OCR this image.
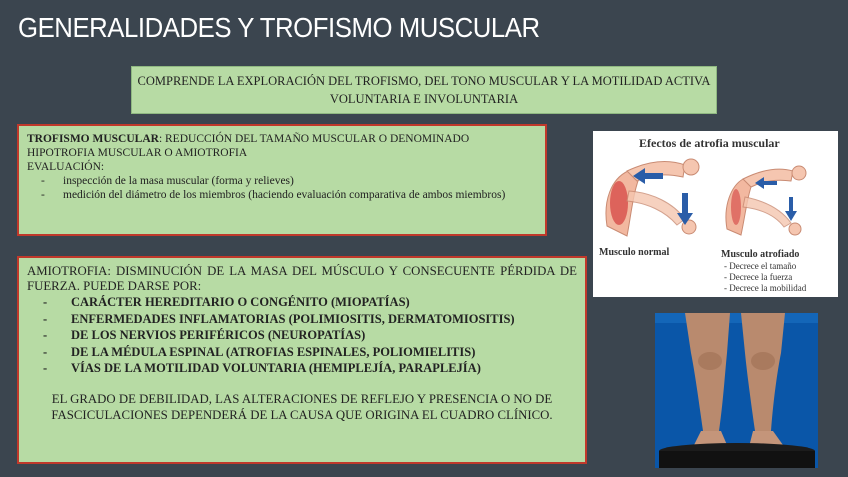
GENERALIDADES Y TROFISMO MUSCULAR
COMPRENDE LA EXPLORACIÓN DEL TROFISMO, DEL TONO MUSCULAR Y LA MOTILIDAD ACTIVA VOLUNTARIA E INVOLUNTARIA
TROFISMO MUSCULAR: REDUCCIÓN DEL TAMAÑO MUSCULAR O DENOMINADO HIPOTROFIA MUSCULAR O AMIOTROFIA
EVALUACIÓN:
- inspección de la masa muscular (forma y relieves)
- medición del diámetro de los miembros (haciendo evaluación comparativa de ambos miembros)
AMIOTROFIA: DISMINUCIÓN DE LA MASA DEL MÚSCULO Y CONSECUENTE PÉRDIDA DE FUERZA. PUEDE DARSE POR:
- CARÁCTER HEREDITARIO O CONGÉNITO (MIOPATÍAS)
- ENFERMEDADES INFLAMATORIAS (POLIMIOSITIS, DERMATOMIOSITIS)
- DE LOS NERVIOS PERIFÉRICOS (NEUROPATÍAS)
- DE LA MÉDULA ESPINAL (ATROFIAS ESPINALES, POLIOMIELITIS)
- VÍAS DE LA MOTILIDAD VOLUNTARIA (HEMIPLEJÍA, PARAPLEJÍA)
EL GRADO DE DEBILIDAD, LAS ALTERACIONES DE REFLEJO Y PRESENCIA O NO DE FASCICULACIONES DEPENDERÁ DE LA CAUSA QUE ORIGINA EL CUADRO CLÍNICO.
Efectos de atrofia muscular
Musculo normal	Musculo atrofiado
- Decrece el tamaño
- Decrece la fuerza
- Decrece la mobilidad
